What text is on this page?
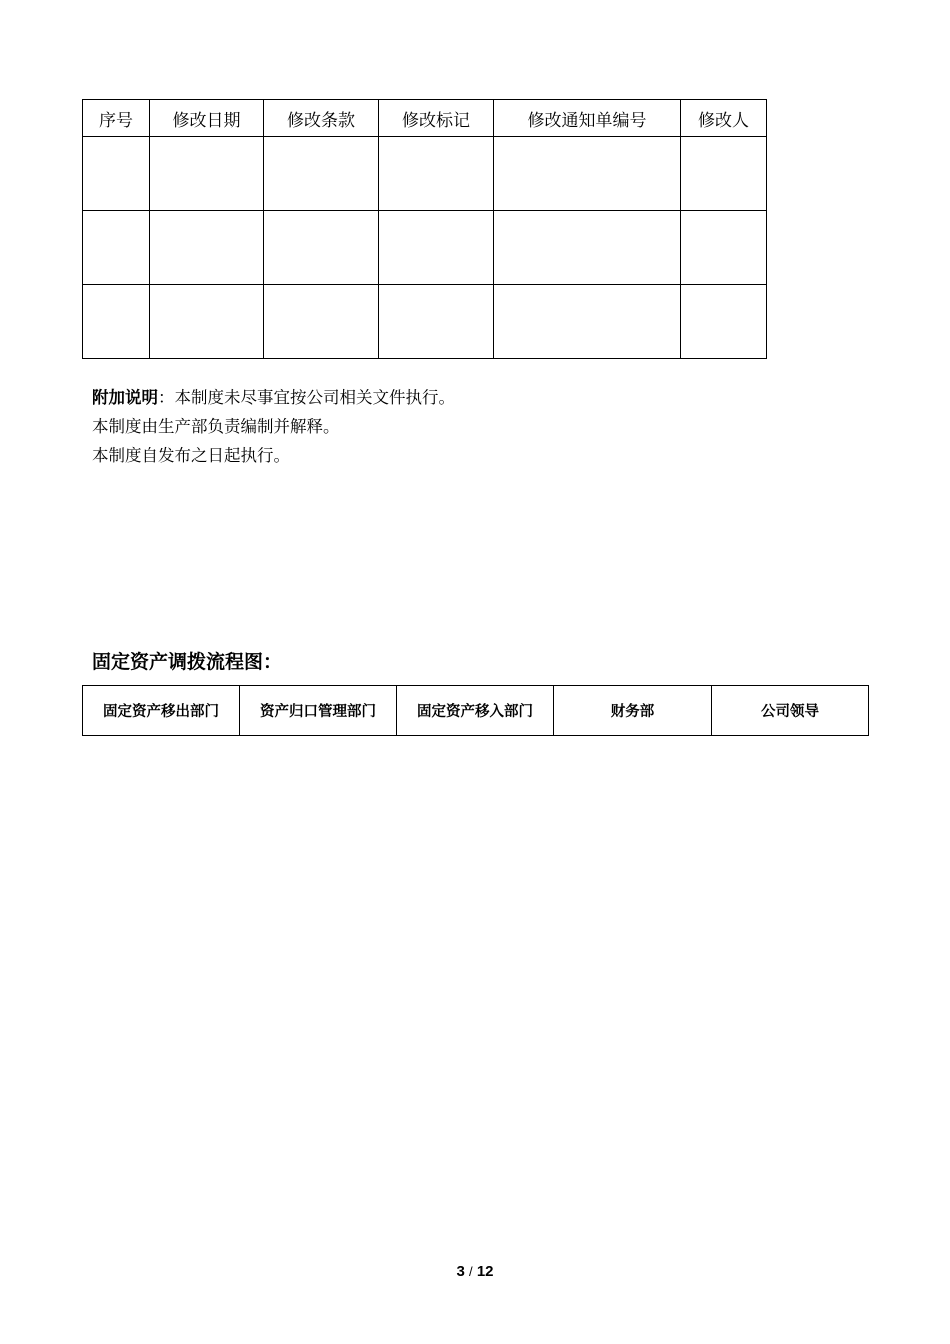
序号	修改日期	修改条款	修改标记	修改通知单编号	修改人

附加说明：本制度未尽事宜按公司相关文件执行。
本制度由生产部负责编制并解释。
本制度自发布之日起执行。
固定资产调拨流程图：
固定资产移出部门	资产归口管理部门	固定资产移入部门	财务部	公司领导
3 / 12
